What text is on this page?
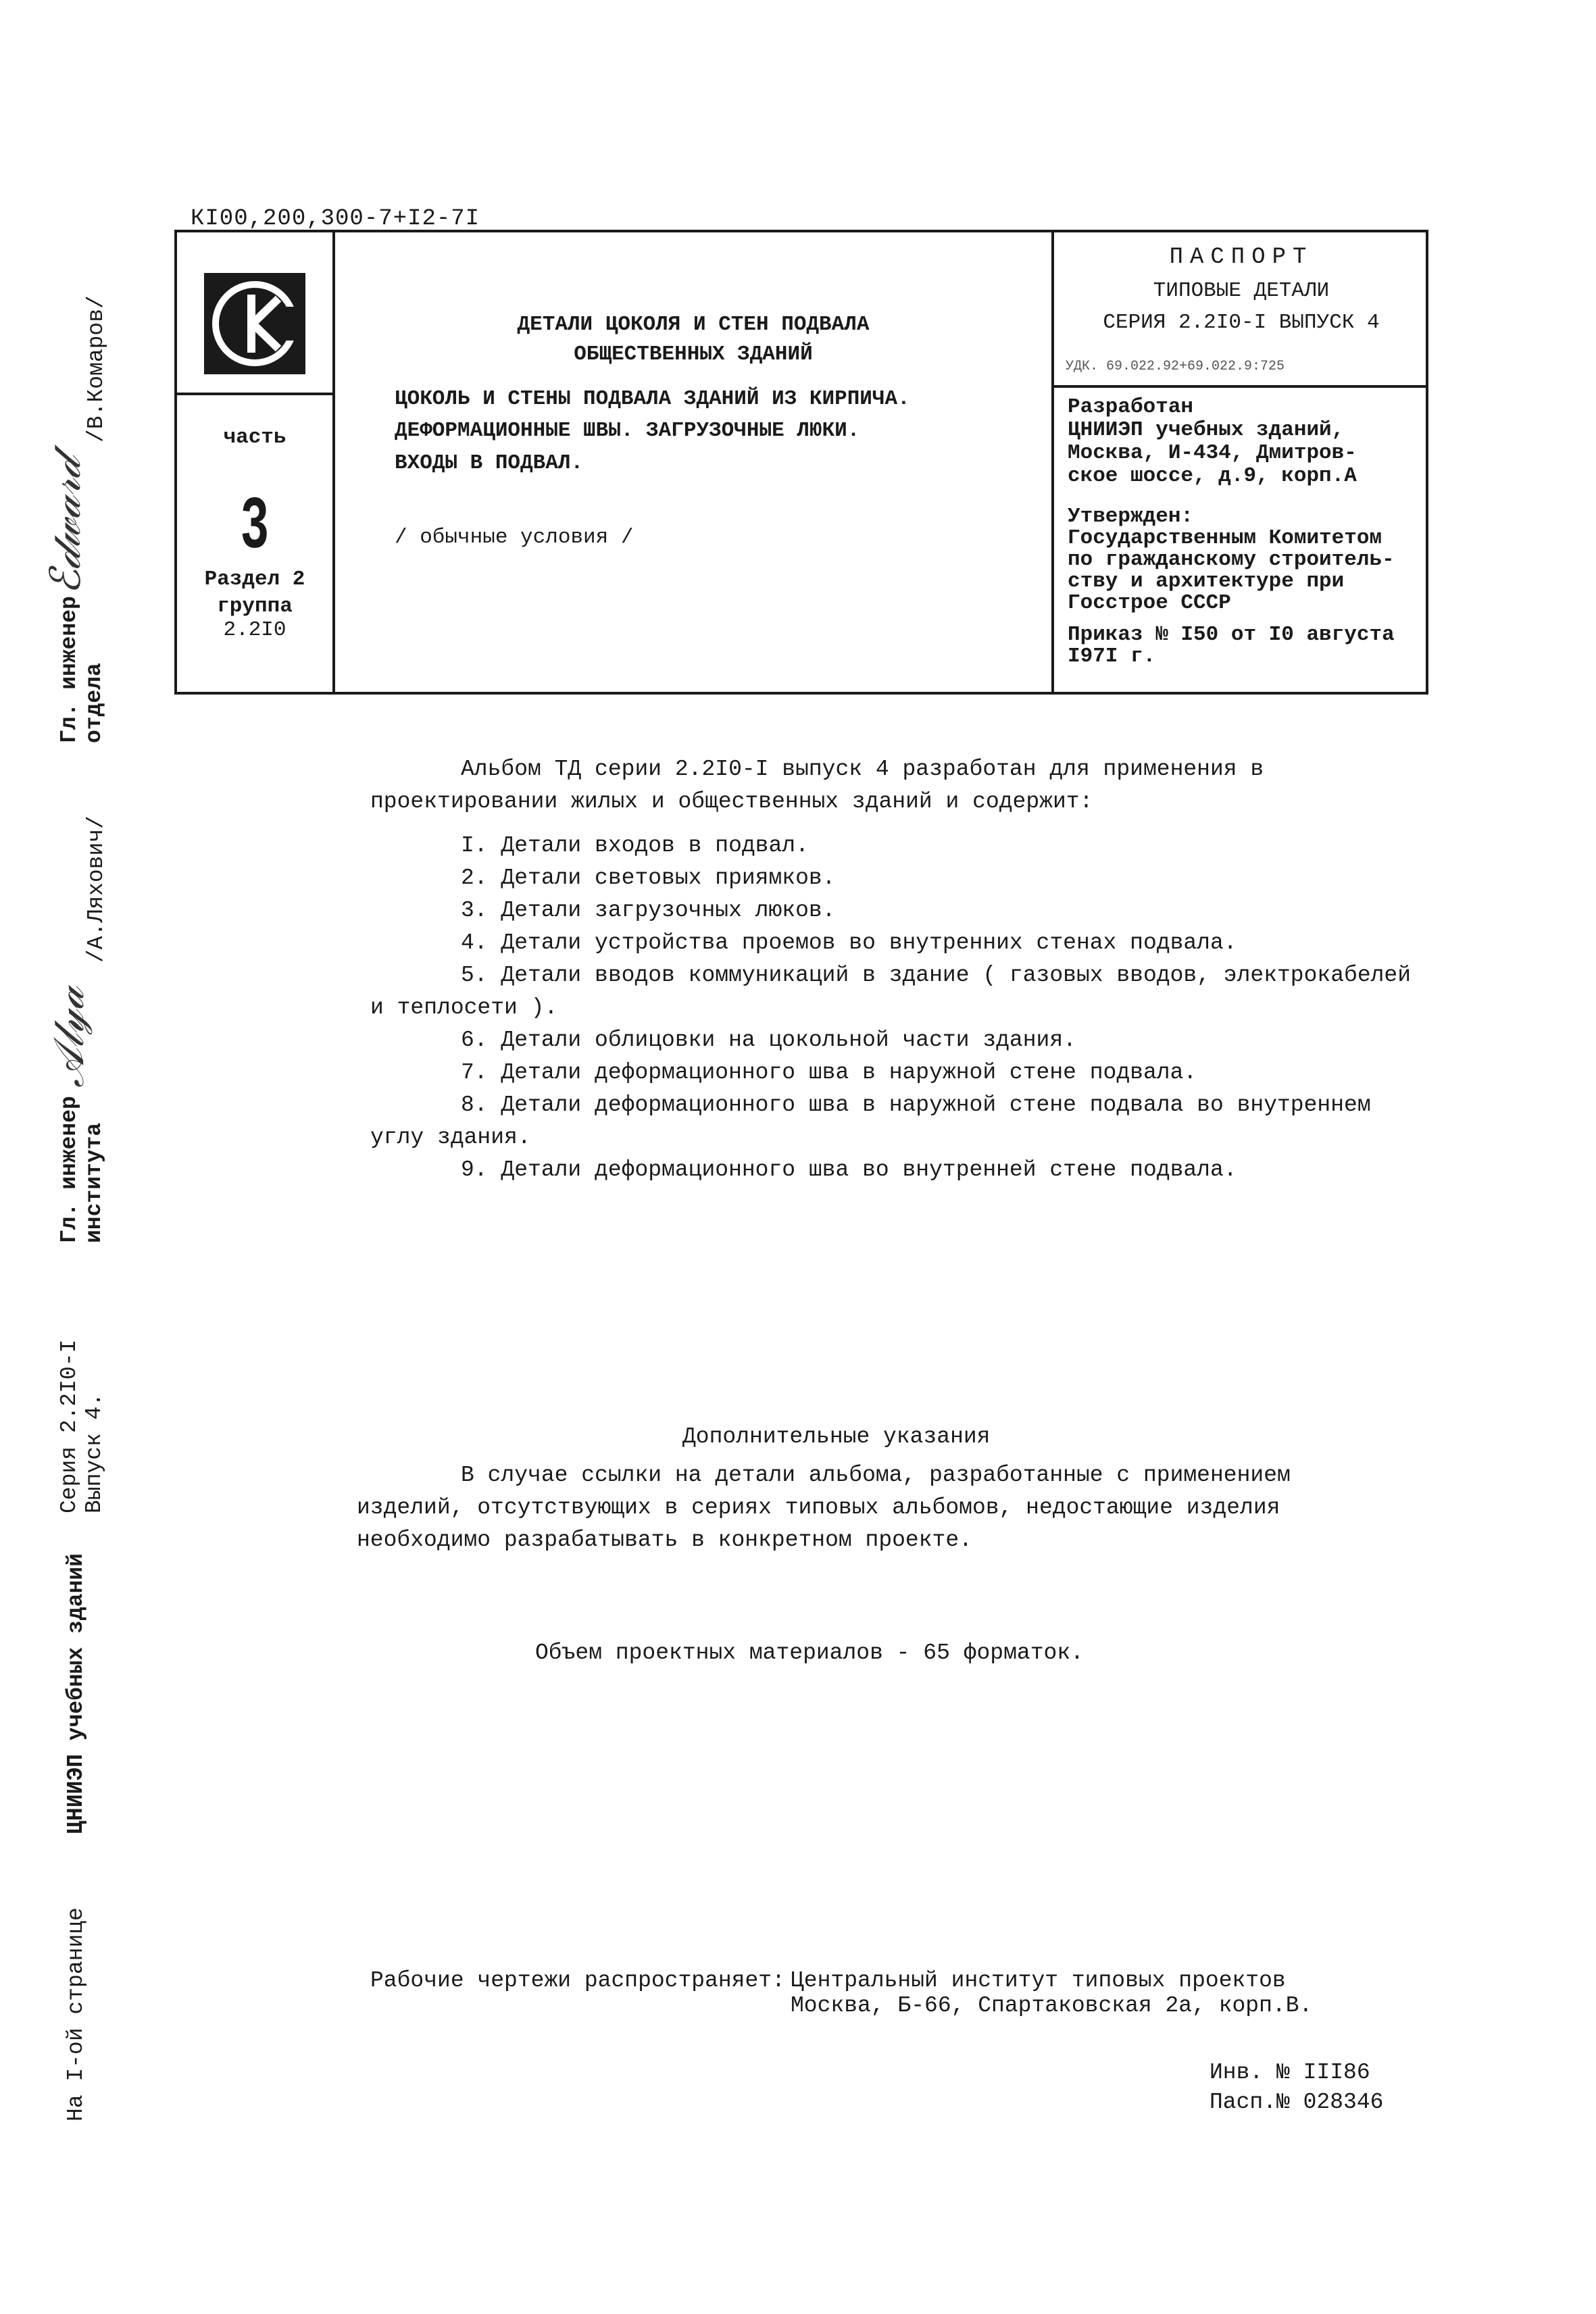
КI00,200,300-7+I2-7I
часть
3
Раздел 2
группа
2.2I0
ДЕТАЛИ ЦОКОЛЯ И СТЕН ПОДВАЛА
ОБЩЕСТВЕННЫХ ЗДАНИЙ
ЦОКОЛЬ И СТЕНЫ ПОДВАЛА ЗДАНИЙ ИЗ КИРПИЧА.
ДЕФОРМАЦИОННЫЕ ШВЫ. ЗАГРУЗОЧНЫЕ ЛЮКИ.
ВХОДЫ В ПОДВАЛ.
/ обычные условия /
ПАСПОРТ
ТИПОВЫЕ ДЕТАЛИ
СЕРИЯ 2.2I0-I ВЫПУСК 4
УДК. 69.022.92+69.022.9:725
Разработан
ЦНИИЭП учебных зданий,
Москва, И-434, Дмитров-
ское шоссе, д.9, корп.А
Утвержден:
Государственным Комитетом
по гражданскому строитель-
ству и архитектуре при
Госстрое СССР
Приказ № I50 от I0 августа
I97I г.
Альбом ТД серии 2.2I0-I выпуск 4 разработан для применения в
проектировании жилых и общественных зданий и содержит:
I. Детали входов в подвал.
2. Детали световых приямков.
3. Детали загрузочных люков.
4. Детали устройства проемов во внутренних стенах подвала.
5. Детали вводов коммуникаций в здание ( газовых вводов, электрокабелей
и теплосети ).
6. Детали облицовки на цокольной части здания.
7. Детали деформационного шва в наружной стене подвала.
8. Детали деформационного шва в наружной стене подвала во внутреннем
углу здания.
9. Детали деформационного шва во внутренней стене подвала.
Дополнительные указания
В случае ссылки на детали альбома, разработанные с применением
изделий, отсутствующих в сериях типовых альбомов, недостающие изделия
необходимо разрабатывать в конкретном проекте.
Объем проектных материалов - 65 форматок.
Рабочие чертежи распространяет: Центральный институт типовых проектов
Москва, Б-66, Спартаковская 2а, корп.В.
Инв. № III86
Пасп.№ 028346
Гл. инженер отдела
ℰ𝒹𝓌𝒶𝓇𝒹
/В.Комаров/
Гл. инженер института
𝒜𝓁𝓎𝒶
/А.Ляхович/
Серия 2.2I0-I Выпуск 4.
ЦНИИЭП учебных зданий
На I-ой странице
